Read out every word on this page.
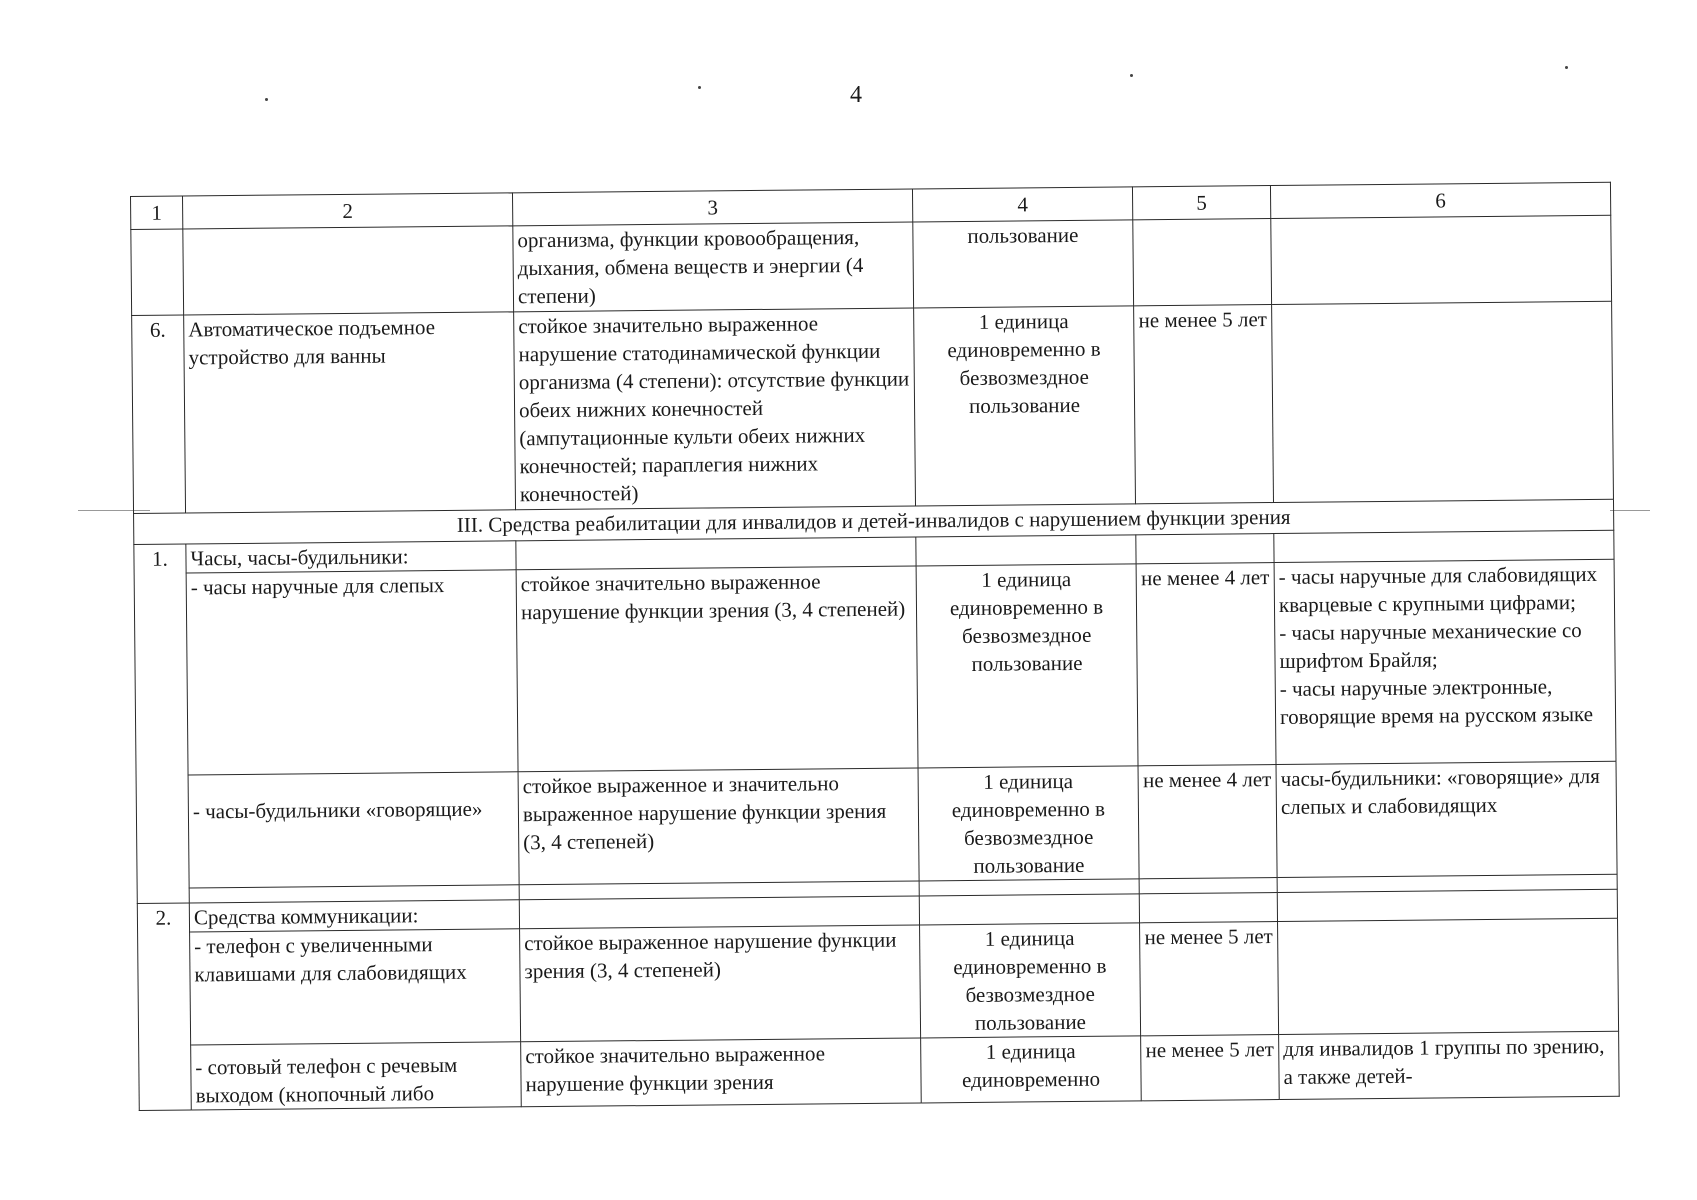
4
1	2	3	4	5	6
		организма, функции кровообращения, дыхания, обмена веществ и энергии (4 степени)	пользование		
6.	Автоматическое подъемное устройство для ванны	стойкое значительно выраженное нарушение статодинамической функции организма (4 степени): отсутствие функции обеих нижних конечностей (ампутационные культи обеих нижних конечностей; параплегия нижних конечностей)	1 единица единовременно в безвозмездное пользование	не менее 5 лет	
III. Средства реабилитации для инвалидов и детей-инвалидов с нарушением функции зрения					
1.	Часы, часы-будильники:				
	- часы наручные для слепых	стойкое значительно выраженное нарушение функции зрения (3, 4 степеней)	1 единица единовременно в безвозмездное пользование	не менее 4 лет	- часы наручные для слабовидящих кварцевые с крупными цифрами;
- часы наручные механические со шрифтом Брайля;
- часы наручные электронные, говорящие время на русском языке

	- часы-будильники «говорящие»	стойкое выраженное и значительно выраженное нарушение функции зрения (3, 4 степеней)	1 единица единовременно в безвозмездное пользование	не менее 4 лет	часы-будильники: «говорящие» для слепых и слабовидящих

2.	Средства коммуникации:				
	- телефон с увеличенными клавишами для слабовидящих	стойкое выраженное нарушение функции зрения (3, 4 степеней)	1 единица единовременно в безвозмездное пользование	не менее 5 лет	
	- сотовый телефон с речевым выходом (кнопочный либо	стойкое значительно выраженное нарушение функции зрения	1 единица единовременно	не менее 5 лет	для инвалидов 1 группы по зрению, а также детей-
